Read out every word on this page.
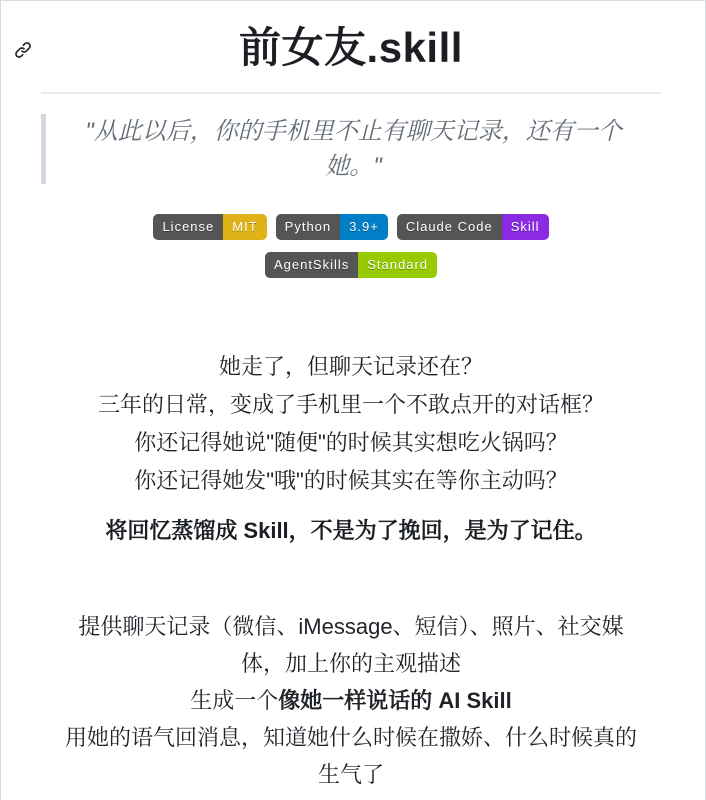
前女友.skill
"从此以后，你的手机里不止有聊天记录，还有一个
她。"
License	MIT	Python	3.9+	Claude Code	Skill
AgentSkills	Standard
她走了，但聊天记录还在？
三年的日常，变成了手机里一个不敢点开的对话框？
你还记得她说"随便"的时候其实想吃火锅吗？
你还记得她发"哦"的时候其实在等你主动吗？
将回忆蒸馏成 Skill，不是为了挽回，是为了记住。
提供聊天记录（微信、iMessage、短信）、照片、社交媒
体，加上你的主观描述
生成一个像她一样说话的 AI Skill
用她的语气回消息，知道她什么时候在撒娇、什么时候真的
生气了
